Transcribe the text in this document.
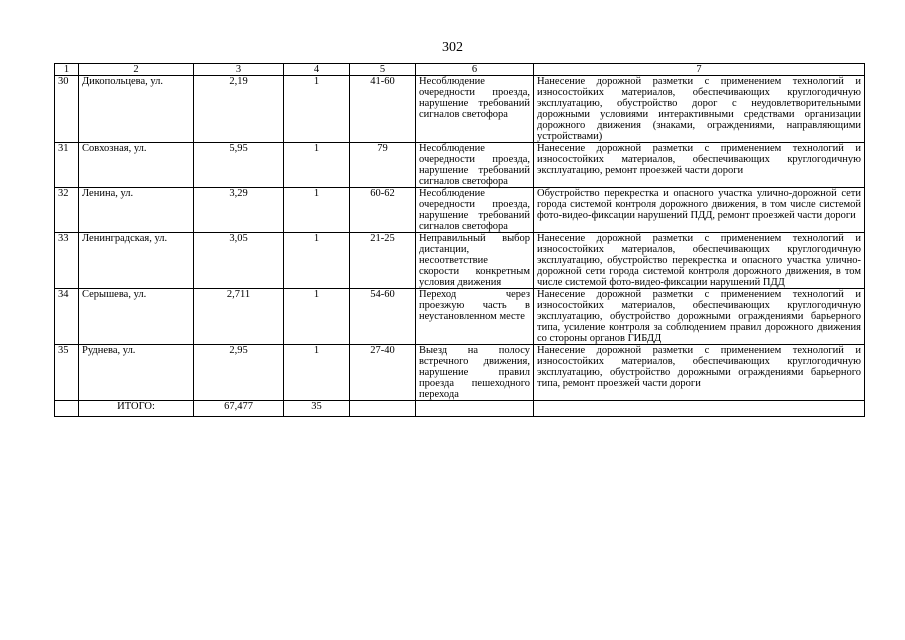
302
1	2	3	4	5	6	7
30	Дикопольцева, ул.	2,19	1	41-60	Несоблюдение очередности проезда, нарушение требований сигналов светофора	Нанесение дорожной разметки с применением технологий и износостойких материалов, обеспечивающих круглогодичную эксплуатацию, обустройство дорог с неудовлетворительными дорожными условиями интерактивными средствами организации дорожного движения (знаками, ограждениями, направляющими устройствами)
31	Совхозная, ул.	5,95	1	79	Несоблюдение очередности проезда, нарушение требований сигналов светофора	Нанесение дорожной разметки с применением технологий и износостойких материалов, обеспечивающих круглогодичную эксплуатацию, ремонт проезжей части дороги
32	Ленина, ул.	3,29	1	60-62	Несоблюдение очередности проезда, нарушение требований сигналов светофора	Обустройство перекрестка и опасного участка улично-дорожной сети города системой контроля дорожного движения, в том числе системой фото-видео-фиксации нарушений ПДД, ремонт проезжей части дороги
33	Ленинградская, ул.	3,05	1	21-25	Неправильный выбор дистанции, несоответствие скорости конкретным условия движения	Нанесение дорожной разметки с применением технологий и износостойких материалов, обеспечивающих круглогодичную эксплуатацию, обустройство перекрестка и опасного участка улично-дорожной сети города системой контроля дорожного движения, в том числе системой фото-видео-фиксации нарушений ПДД
34	Серышева, ул.	2,711	1	54-60	Переход через проезжую часть в неустановленном месте	Нанесение дорожной разметки с применением технологий и износостойких материалов, обеспечивающих круглогодичную эксплуатацию, обустройство дорожными ограждениями барьерного типа, усиление контроля за соблюдением правил дорожного движения со стороны органов ГИБДД
35	Руднева, ул.	2,95	1	27-40	Выезд на полосу встречного движения, нарушение правил проезда пешеходного перехода	Нанесение дорожной разметки с применением технологий и износостойких материалов, обеспечивающих круглогодичную эксплуатацию, обустройство дорожными ограждениями барьерного типа, ремонт проезжей части дороги
	ИТОГО:	67,477	35			
